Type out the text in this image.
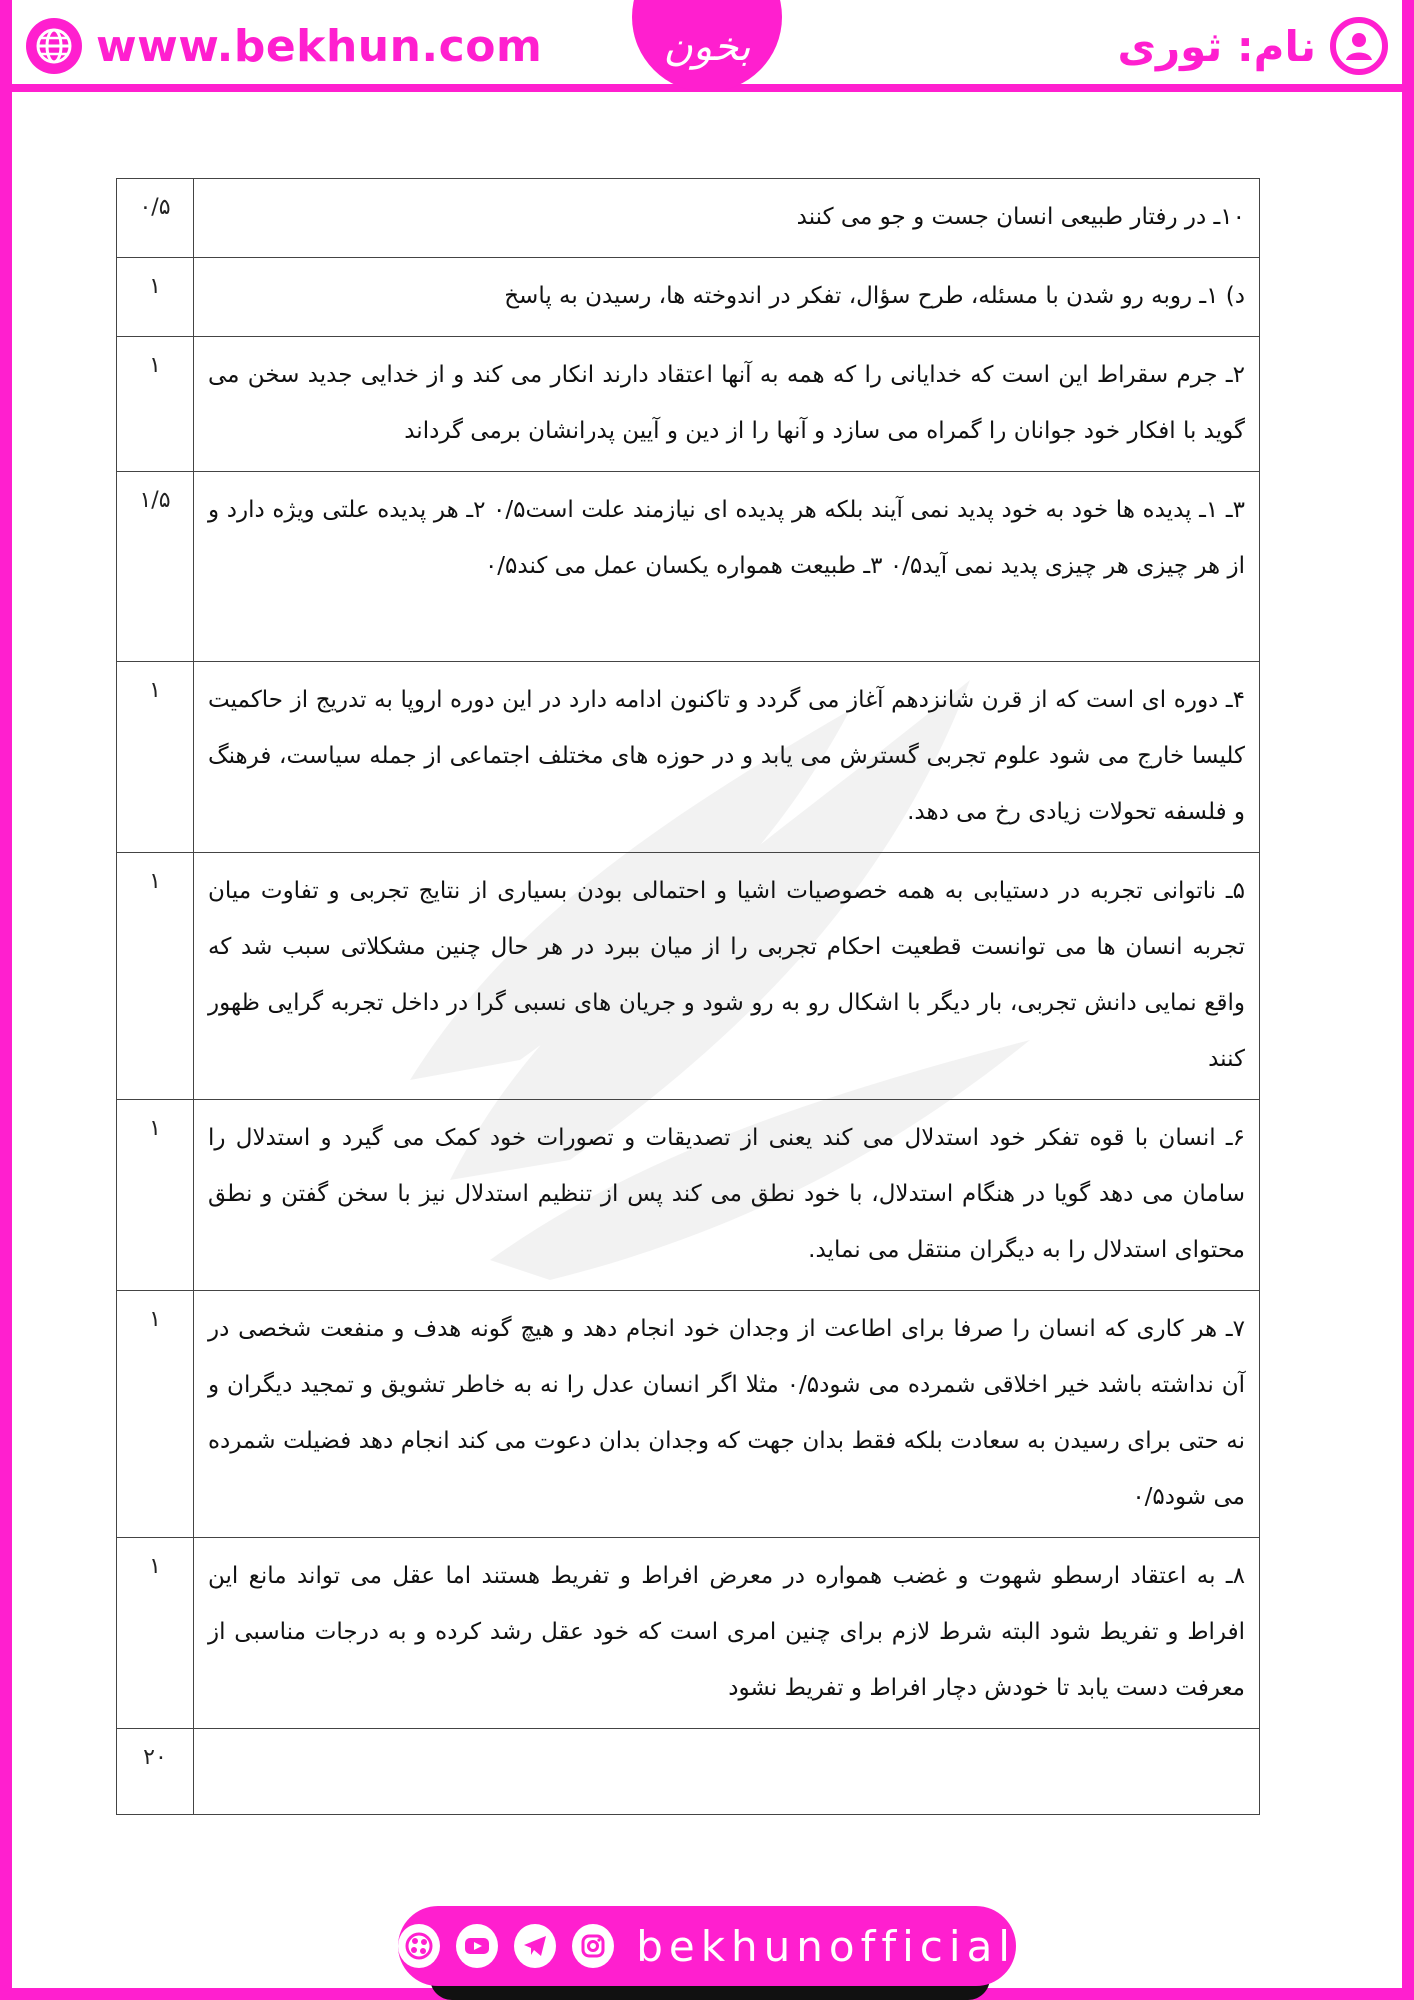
www.bekhun.com	نام: ثوری
بخون
۰/۵	۱۰ـ در رفتار طبیعی انسان جست و جو می کنند
۱	د) ۱ـ روبه رو شدن با مسئله، طرح سؤال، تفکر در اندوخته ها، رسیدن به پاسخ
۱	۲ـ جرم سقراط این است که خدایانی را که همه به آنها اعتقاد دارند انکار می کند و از خدایی جدید سخن می گوید با افکار خود جوانان را گمراه می سازد و آنها را از دین و آیین پدرانشان برمی گرداند
۱/۵	۳ـ ۱ـ پدیده ها خود به خود پدید نمی آیند بلکه هر پدیده ای نیازمند علت است۰/۵ ۲ـ هر پدیده علتی ویژه دارد و از هر چیزی هر چیزی پدید نمی آید۰/۵ ۳ـ طبیعت همواره یکسان عمل می کند۰/۵
۱	۴ـ دوره ای است که از قرن شانزدهم آغاز می گردد و تاکنون ادامه دارد در این دوره اروپا به تدریج از حاکمیت کلیسا خارج می شود علوم تجربی گسترش می یابد و در حوزه های مختلف اجتماعی از جمله سیاست، فرهنگ و فلسفه تحولات زیادی رخ می دهد.
۱	۵ـ ناتوانی تجربه در دستیابی به همه خصوصیات اشیا و احتمالی بودن بسیاری از نتایج تجربی و تفاوت میان تجربه انسان ها می توانست قطعیت احکام تجربی را از میان ببرد در هر حال چنین مشکلاتی سبب شد که واقع نمایی دانش تجربی، بار دیگر با اشکال رو به رو شود و جریان های نسبی گرا در داخل تجربه گرایی ظهور کنند
۱	۶ـ انسان با قوه تفکر خود استدلال می کند یعنی از تصدیقات و تصورات خود کمک می گیرد و استدلال را سامان می دهد گویا در هنگام استدلال، با خود نطق می کند پس از تنظیم استدلال نیز با سخن گفتن و نطق محتوای استدلال را به دیگران منتقل می نماید.
۱	۷ـ هر کاری که انسان را صرفا برای اطاعت از وجدان خود انجام دهد و هیچ گونه هدف و منفعت شخصی در آن نداشته باشد خیر اخلاقی شمرده می شود۰/۵ مثلا اگر انسان عدل را نه به خاطر تشویق و تمجید دیگران و نه حتی برای رسیدن به سعادت بلکه فقط بدان جهت که وجدان بدان دعوت می کند انجام دهد فضیلت شمرده می شود۰/۵
۱	۸ـ به اعتقاد ارسطو شهوت و غضب همواره در معرض افراط و تفریط هستند اما عقل می تواند مانع این افراط و تفریط شود البته شرط لازم برای چنین امری است که خود عقل رشد کرده و به درجات مناسبی از معرفت دست یابد تا خودش دچار افراط و تفریط نشود
۲۰	
bekhunofficial
